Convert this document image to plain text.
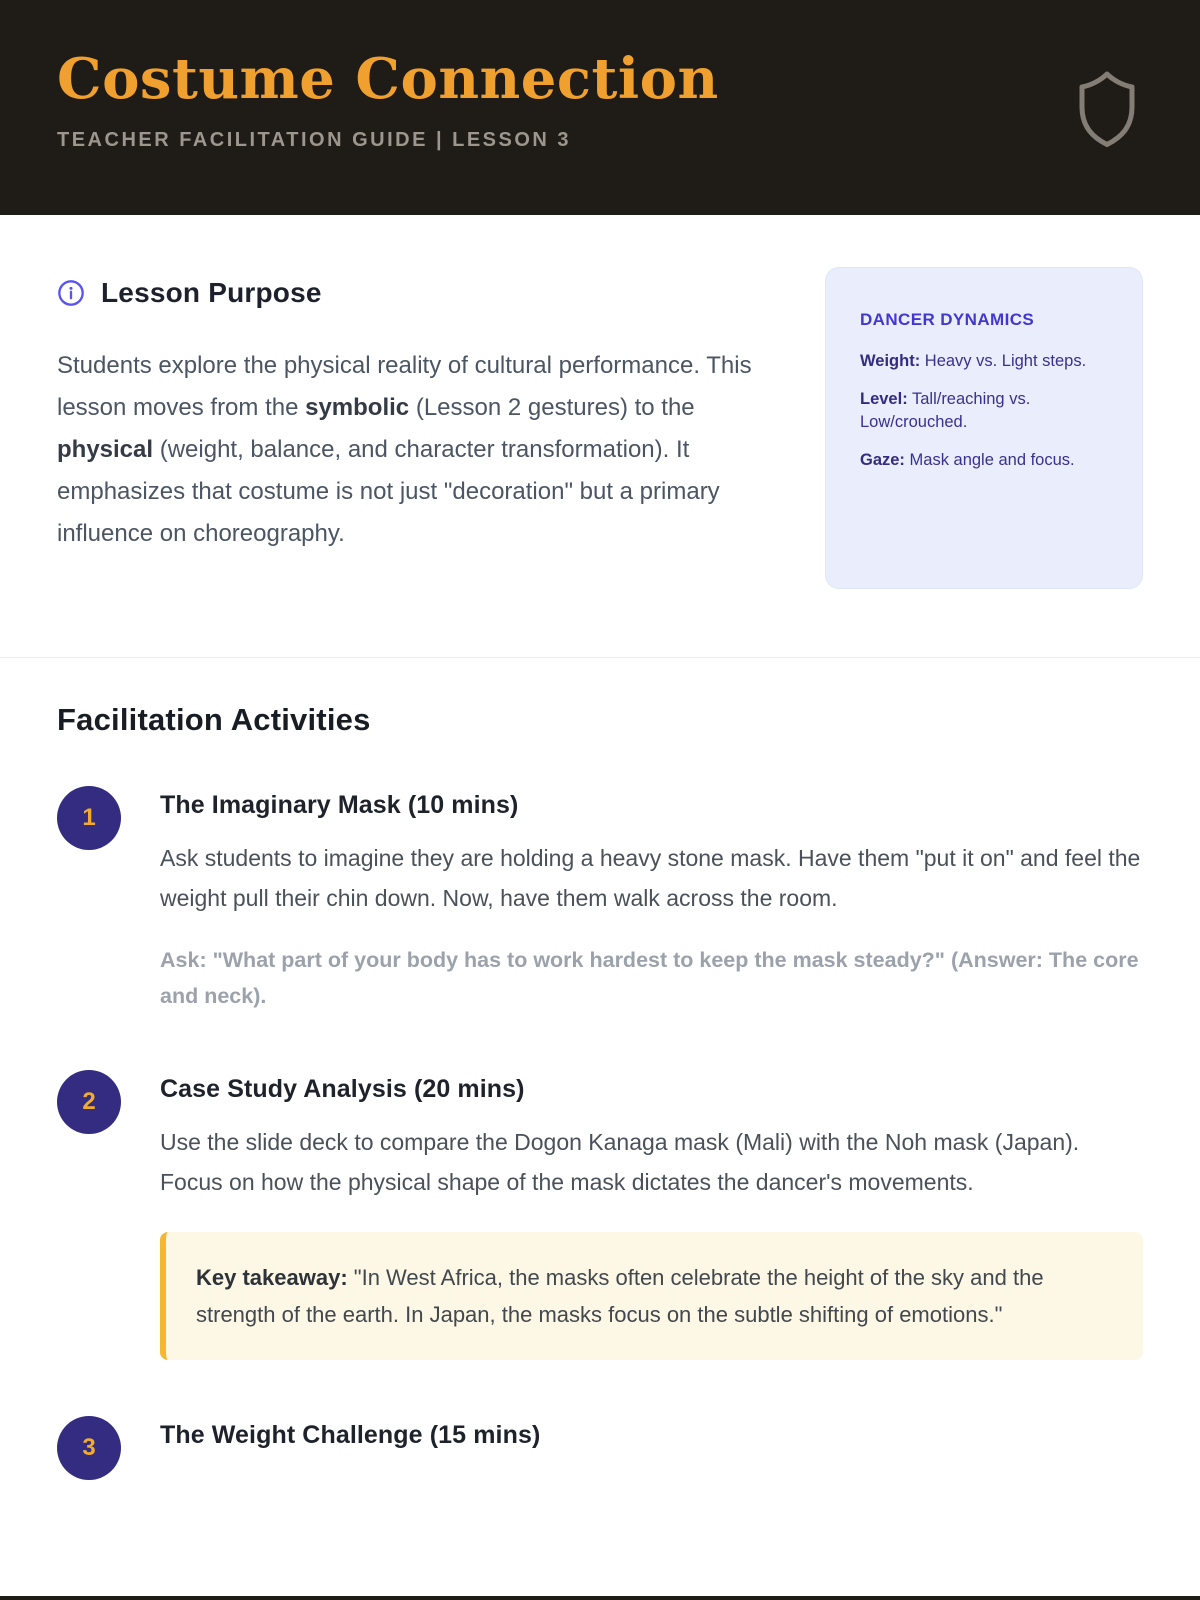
Costume Connection
TEACHER FACILITATION GUIDE | LESSON 3
Lesson Purpose

Students explore the physical reality of cultural performance. This lesson moves from the symbolic (Lesson 2 gestures) to the physical (weight, balance, and character transformation). It emphasizes that costume is not just "decoration" but a primary influence on choreography.

DANCER DYNAMICS

Weight: Heavy vs. Light steps.

Level: Tall/reaching vs. Low/crouched.

Gaze: Mask angle and focus.

Facilitation Activities
1	The Imaginary Mask (10 mins)

Ask students to imagine they are holding a heavy stone mask. Have them "put it on" and feel the weight pull their chin down. Now, have them walk across the room.

Ask: "What part of your body has to work hardest to keep the mask steady?" (Answer: The core and neck).

2	Case Study Analysis (20 mins)

Use the slide deck to compare the Dogon Kanaga mask (Mali) with the Noh mask (Japan). Focus on how the physical shape of the mask dictates the dancer's movements.

Key takeaway: "In West Africa, the masks often celebrate the height of the sky and the strength of the earth. In Japan, the masks focus on the subtle shifting of emotions."
3	The Weight Challenge (15 mins)
